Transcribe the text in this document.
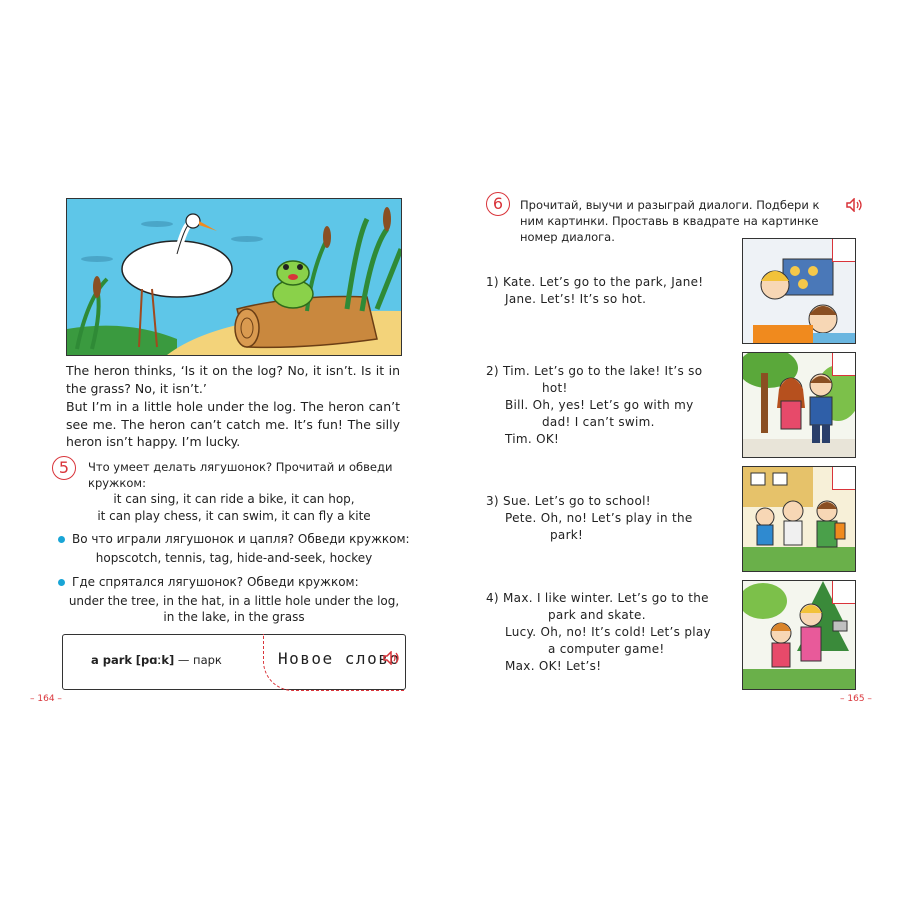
The heron thinks, ‘Is it on the log? No, it isn’t. Is it in the grass? No, it isn’t.’

But I’m in a little hole under the log. The heron can’t see me. The heron can’t catch me. It’s fun! The silly heron isn’t happy. I’m lucky.

5	Что умеет делать лягушонок? Прочитай и обведи кружком:
it can sing, it can ride a bike, it can hop,
it can play chess, it can swim, it can fly a kite
Во что играли лягушонок и цапля? Обведи кружком:
hopscotch, tennis, tag, hide-and-seek, hockey
Где спрятался лягушонок? Обведи кружком:
under the tree, in the hat, in a little hole under the log,
in the lake, in the grass
a park [pɑːk] — парк	Новое слово
– 164 –
6	Прочитай, выучи и разыграй диалоги. Подбери к ним картинки. Проставь в квадрате на картинке номер диалога.
1) Kate. Let’s go to the park, Jane!
Jane. Let’s! It’s so hot.
2) Tim. Let’s go to the lake! It’s so
hot!
Bill. Oh, yes! Let’s go with my
dad! I can’t swim.
Tim. OK!
3) Sue. Let’s go to school!
Pete. Oh, no! Let’s play in the
park!
4) Max. I like winter. Let’s go to the
park and skate.
Lucy. Oh, no! It’s cold! Let’s play
a computer game!
Max. OK! Let’s!
– 165 –
